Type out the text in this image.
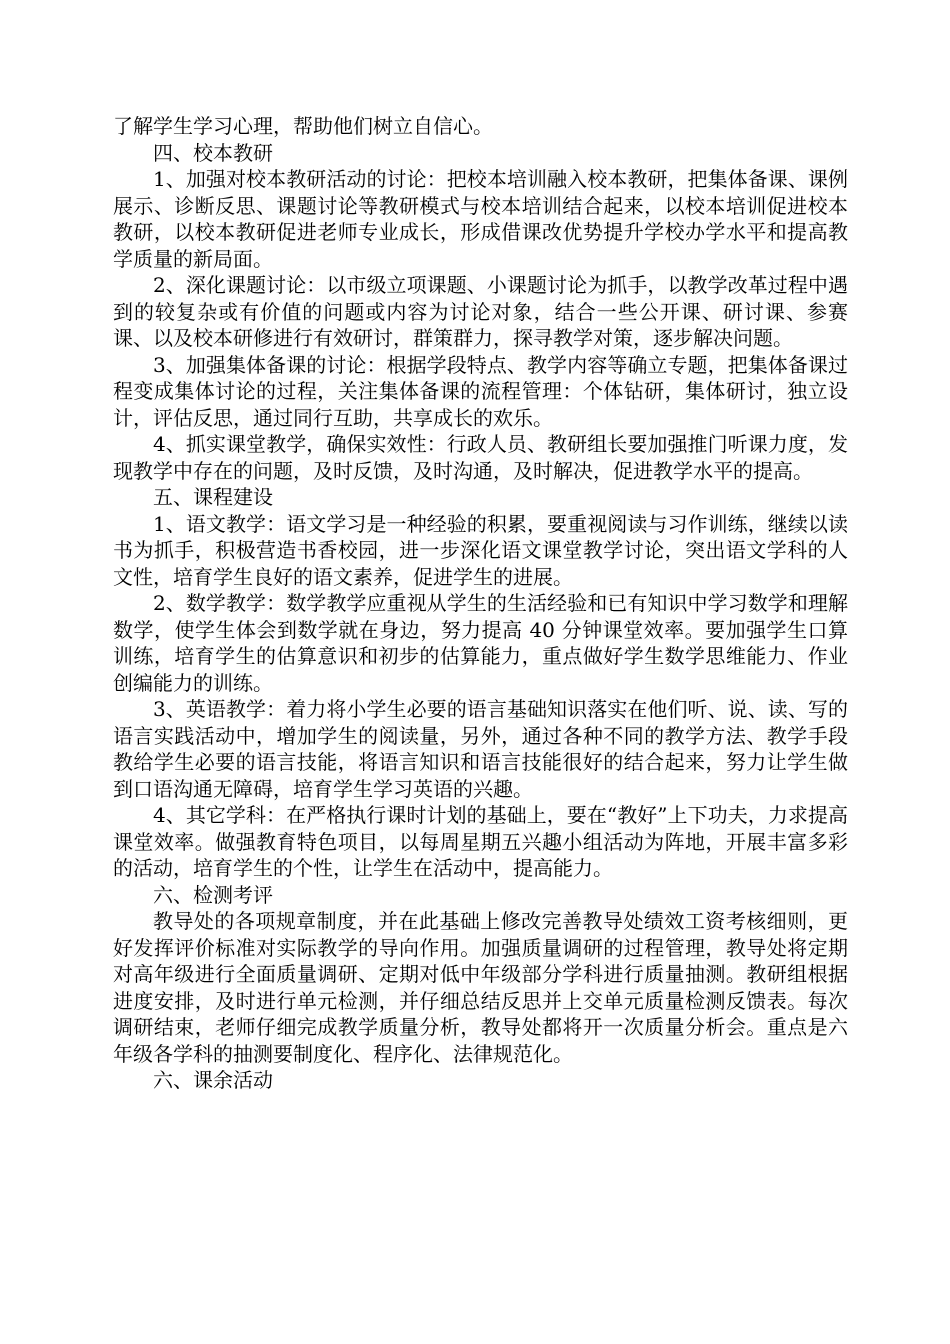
了解学生学习心理，帮助他们树立自信心。

四、校本教研

1、加强对校本教研活动的讨论：把校本培训融入校本教研，把集体备课、课例展示、诊断反思、课题讨论等教研模式与校本培训结合起来，以校本培训促进校本教研，以校本教研促进老师专业成长，形成借课改优势提升学校办学水平和提高教学质量的新局面。

2、深化课题讨论：以市级立项课题、小课题讨论为抓手，以教学改革过程中遇到的较复杂或有价值的问题或内容为讨论对象，结合一些公开课、研讨课、参赛课、以及校本研修进行有效研讨，群策群力，探寻教学对策，逐步解决问题。

3、加强集体备课的讨论：根据学段特点、教学内容等确立专题，把集体备课过程变成集体讨论的过程，关注集体备课的流程管理：个体钻研，集体研讨，独立设计，评估反思，通过同行互助，共享成长的欢乐。

4、抓实课堂教学，确保实效性：行政人员、教研组长要加强推门听课力度，发现教学中存在的问题，及时反馈，及时沟通，及时解决，促进教学水平的提高。

五、课程建设

1、语文教学：语文学习是一种经验的积累，要重视阅读与习作训练，继续以读书为抓手，积极营造书香校园，进一步深化语文课堂教学讨论，突出语文学科的人文性，培育学生良好的语文素养，促进学生的进展。

2、数学教学：数学教学应重视从学生的生活经验和已有知识中学习数学和理解数学，使学生体会到数学就在身边，努力提高 40 分钟课堂效率。要加强学生口算训练，培育学生的估算意识和初步的估算能力，重点做好学生数学思维能力、作业创编能力的训练。

3、英语教学：着力将小学生必要的语言基础知识落实在他们听、说、读、写的语言实践活动中，增加学生的阅读量，另外，通过各种不同的教学方法、教学手段教给学生必要的语言技能，将语言知识和语言技能很好的结合起来，努力让学生做到口语沟通无障碍，培育学生学习英语的兴趣。

4、其它学科：在严格执行课时计划的基础上，要在“教好”上下功夫，力求提高课堂效率。做强教育特色项目，以每周星期五兴趣小组活动为阵地，开展丰富多彩的活动，培育学生的个性，让学生在活动中，提高能力。

六、检测考评

教导处的各项规章制度，并在此基础上修改完善教导处绩效工资考核细则，更好发挥评价标准对实际教学的导向作用。加强质量调研的过程管理，教导处将定期对高年级进行全面质量调研、定期对低中年级部分学科进行质量抽测。教研组根据进度安排，及时进行单元检测，并仔细总结反思并上交单元质量检测反馈表。每次调研结束，老师仔细完成教学质量分析，教导处都将开一次质量分析会。重点是六年级各学科的抽测要制度化、程序化、法律规范化。

六、课余活动
